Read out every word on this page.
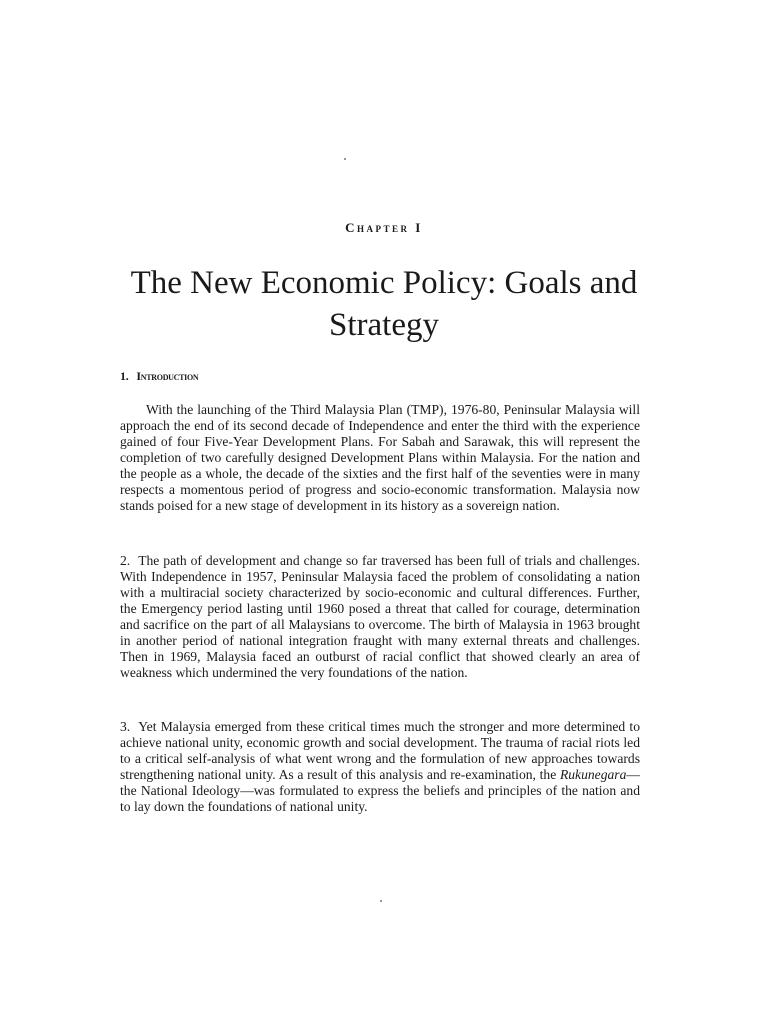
Chapter I
The New Economic Policy: Goals and Strategy
1. Introduction

With the launching of the Third Malaysia Plan (TMP), 1976-80, Peninsular Malaysia will approach the end of its second decade of Independence and enter the third with the experience gained of four Five-Year Development Plans. For Sabah and Sarawak, this will represent the completion of two carefully designed Development Plans within Malaysia. For the nation and the people as a whole, the decade of the sixties and the first half of the seventies were in many respects a momentous period of progress and socio-economic transformation. Malaysia now stands poised for a new stage of development in its history as a sovereign nation.

2. The path of development and change so far traversed has been full of trials and challenges. With Independence in 1957, Peninsular Malaysia faced the problem of consolidating a nation with a multiracial society characterized by socio-economic and cultural differences. Further, the Emergency period lasting until 1960 posed a threat that called for courage, determination and sacrifice on the part of all Malaysians to overcome. The birth of Malaysia in 1963 brought in another period of national integration fraught with many external threats and challenges. Then in 1969, Malaysia faced an outburst of racial conflict that showed clearly an area of weakness which undermined the very foundations of the nation.

3. Yet Malaysia emerged from these critical times much the stronger and more determined to achieve national unity, economic growth and social development. The trauma of racial riots led to a critical self-analysis of what went wrong and the formulation of new approaches towards strengthening national unity. As a result of this analysis and re-examination, the Rukunegara—the National Ideology—was formulated to express the beliefs and principles of the nation and to lay down the foundations of national unity.
